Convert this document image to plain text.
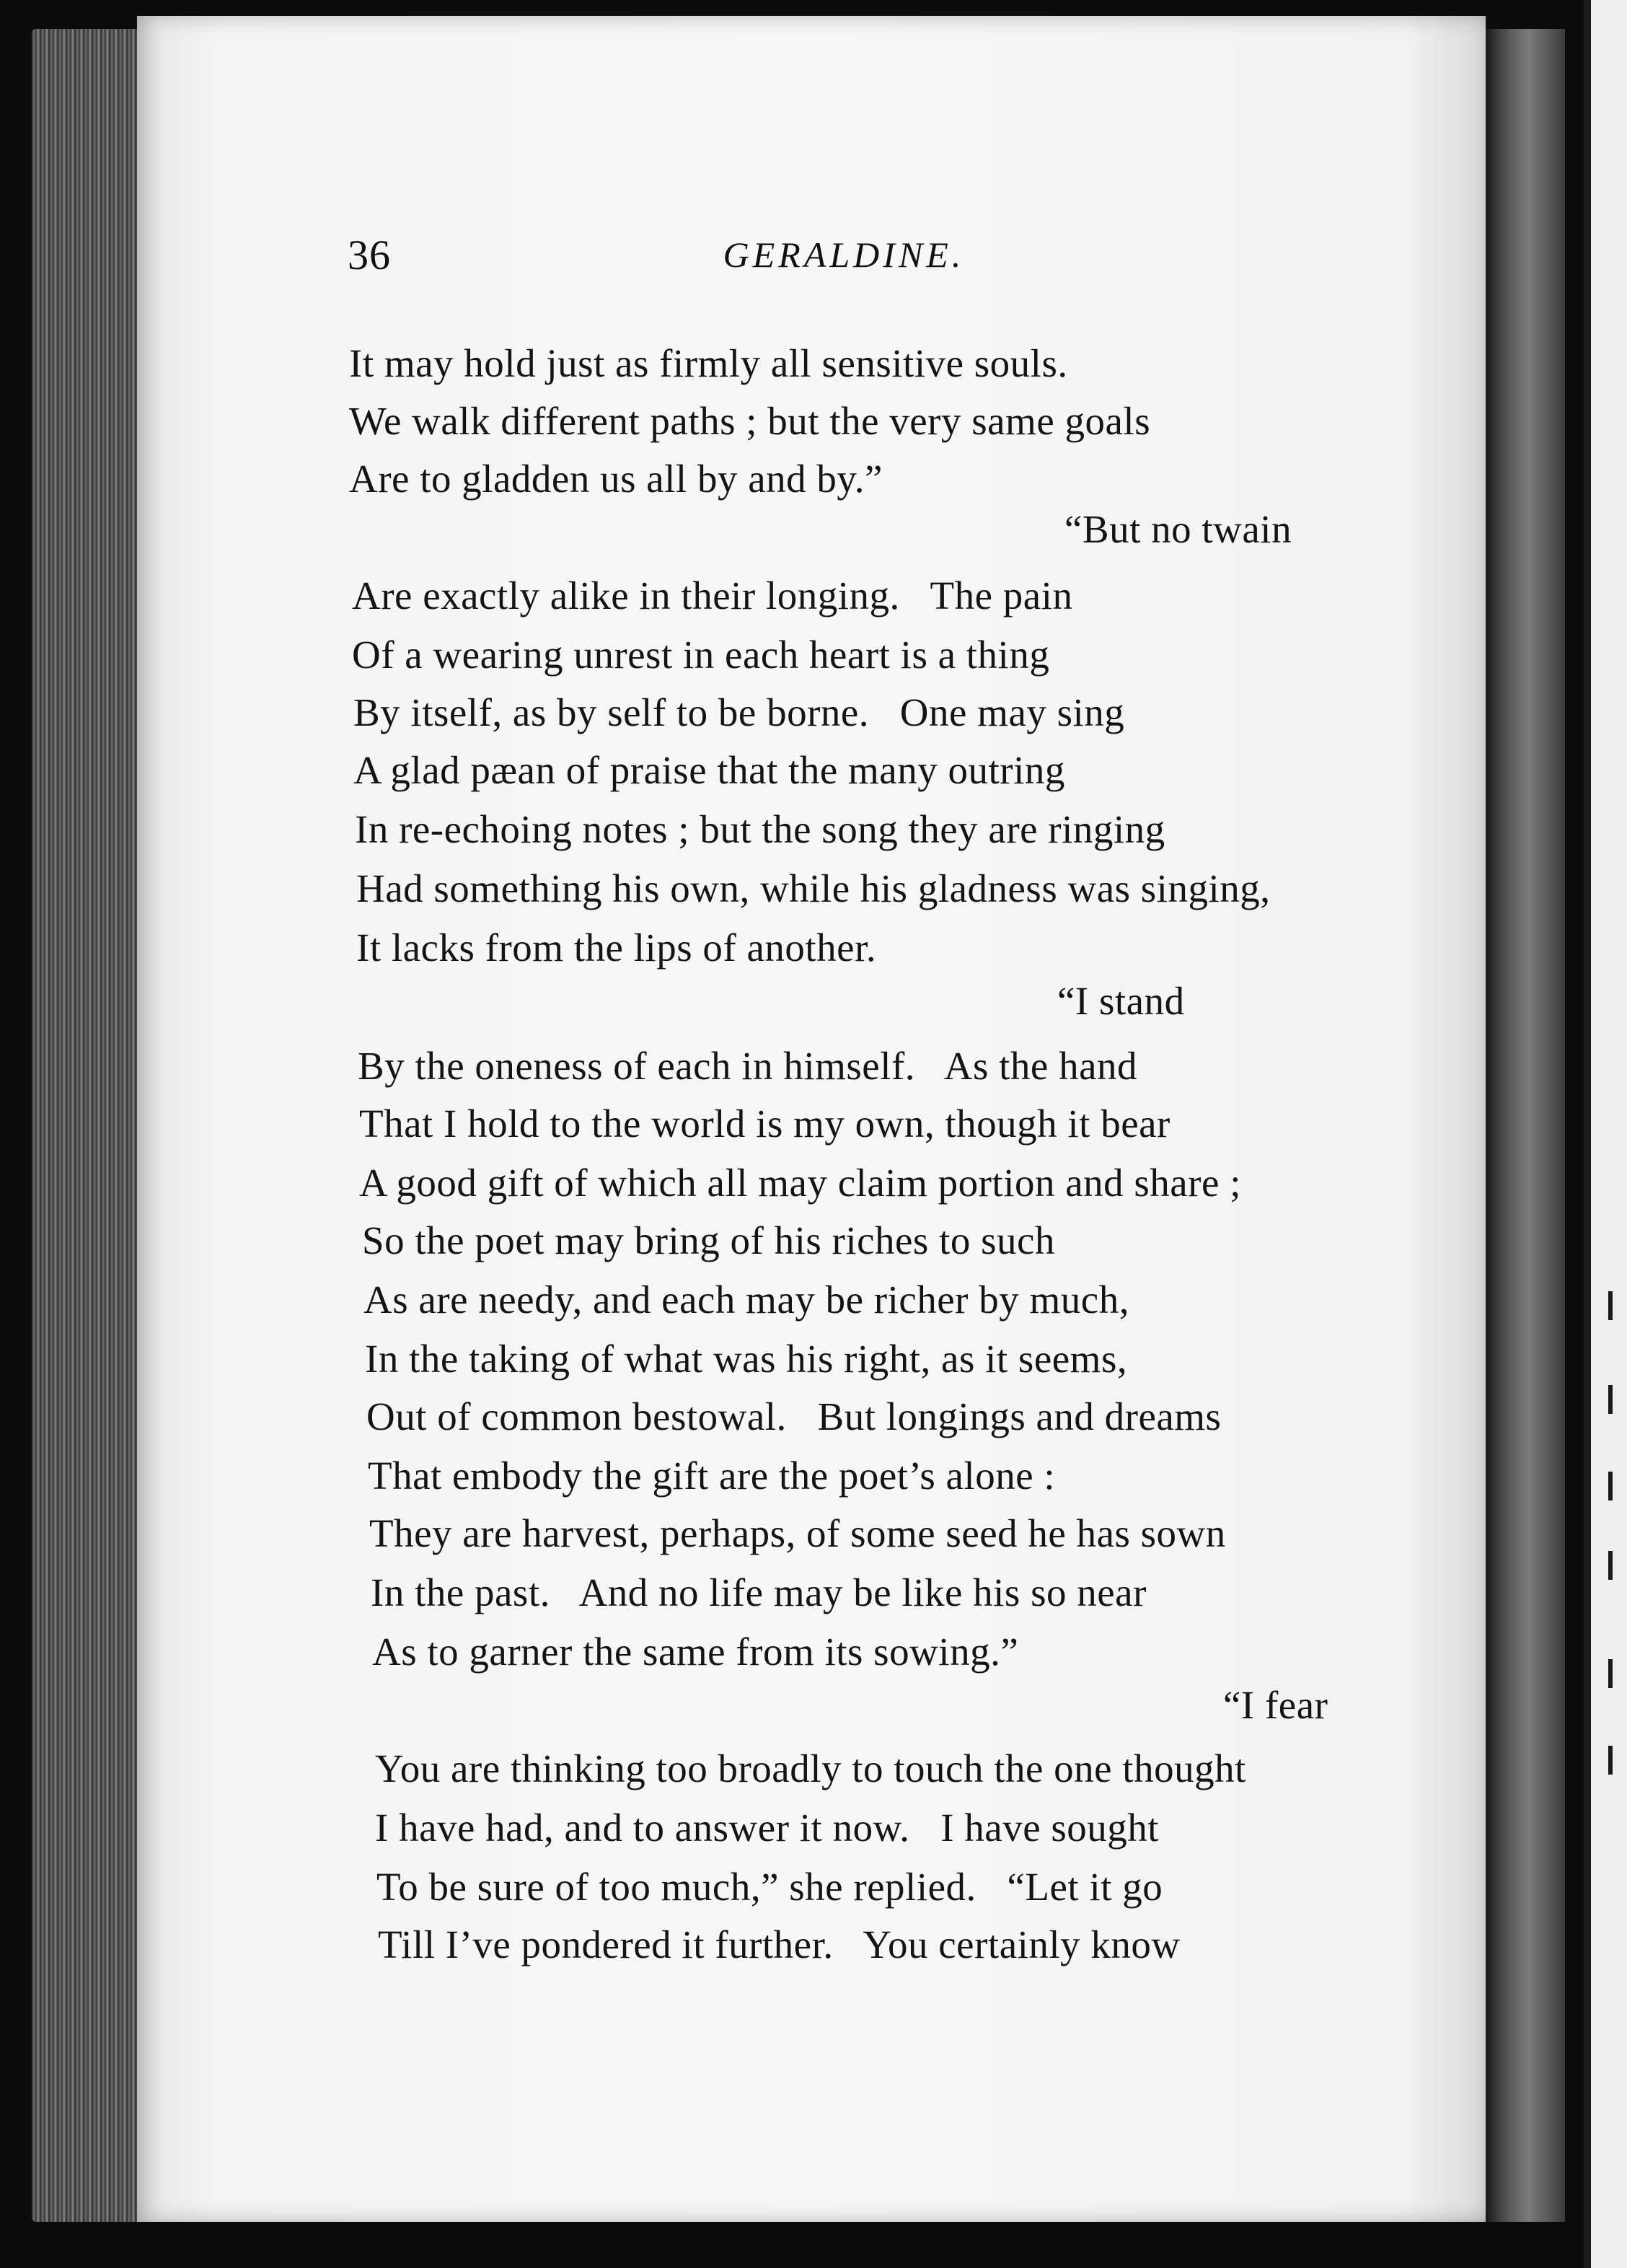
36	GERALDINE.
It may hold just as firmly all sensitive souls.
We walk different paths ; but the very same goals
Are to gladden us all by and by.”
“But no twain
Are exactly alike in their longing.   The pain
Of a wearing unrest in each heart is a thing
By itself, as by self to be borne.   One may sing
A glad pæan of praise that the many outring
In re-echoing notes ; but the song they are ringing
Had something his own, while his gladness was singing,
It lacks from the lips of another.
“I stand
By the oneness of each in himself.   As the hand
That I hold to the world is my own, though it bear
A good gift of which all may claim portion and share ;
So the poet may bring of his riches to such
As are needy, and each may be richer by much,
In the taking of what was his right, as it seems,
Out of common bestowal.   But longings and dreams
That embody the gift are the poet’s alone :
They are harvest, perhaps, of some seed he has sown
In the past.   And no life may be like his so near
As to garner the same from its sowing.”
“I fear
You are thinking too broadly to touch the one thought
I have had, and to answer it now.   I have sought
To be sure of too much,” she replied.   “Let it go
Till I’ve pondered it further.   You certainly know
